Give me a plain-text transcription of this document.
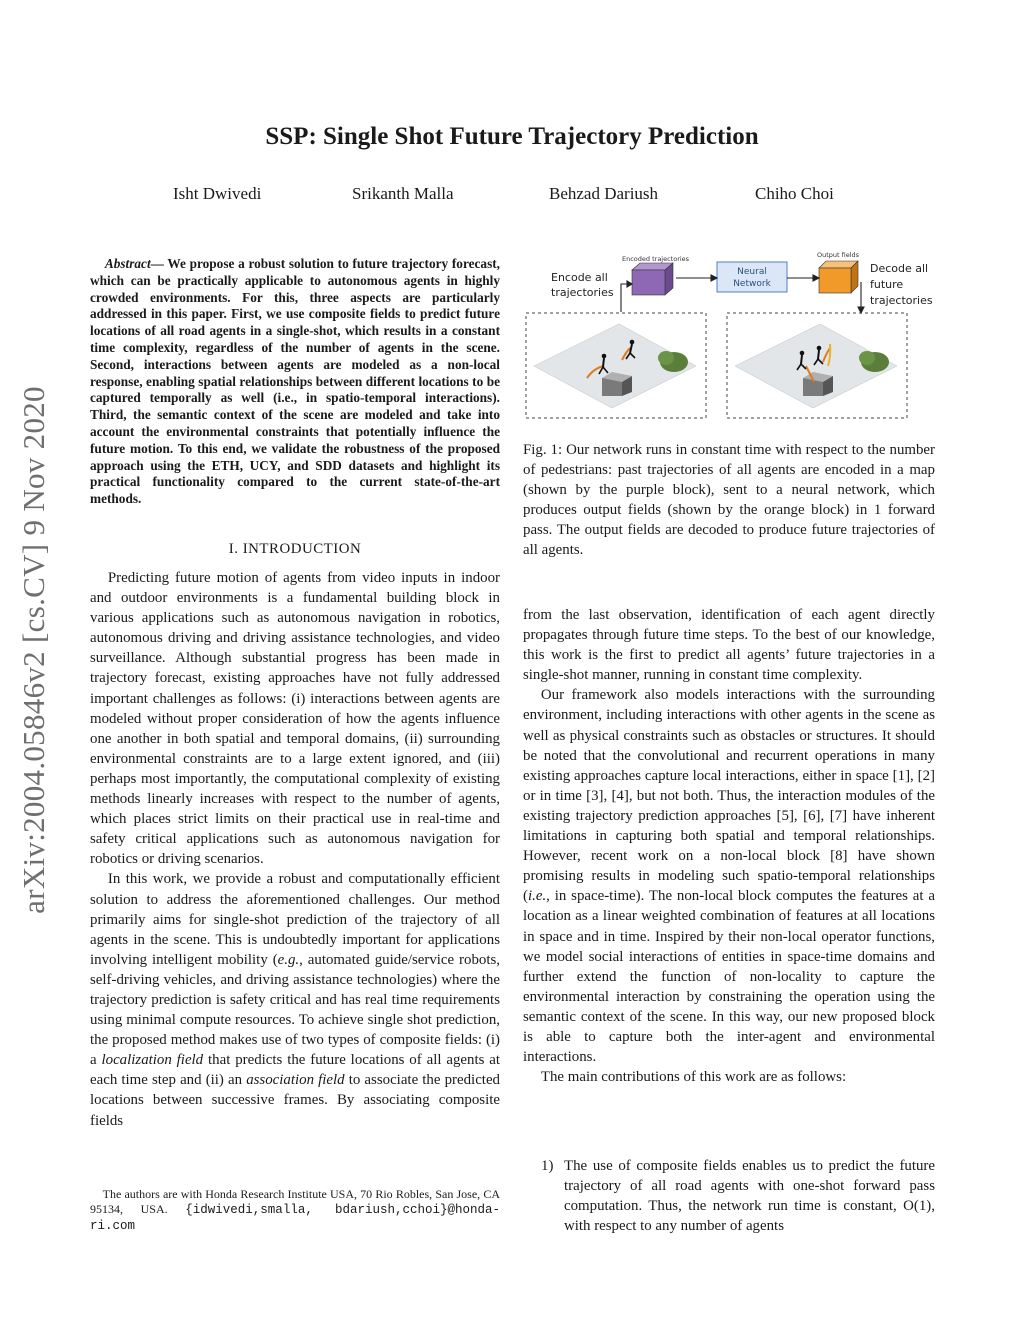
SSP: Single Shot Future Trajectory Prediction
Isht Dwivedi	Srikanth Malla	Behzad Dariush	Chiho Choi
arXiv:2004.05846v2 [cs.CV] 9 Nov 2020
Abstract— We propose a robust solution to future trajectory forecast, which can be practically applicable to autonomous agents in highly crowded environments. For this, three aspects are particularly addressed in this paper. First, we use composite fields to predict future locations of all road agents in a single-shot, which results in a constant time complexity, regardless of the number of agents in the scene. Second, interactions between agents are modeled as a non-local response, enabling spatial relationships between different locations to be captured temporally as well (i.e., in spatio-temporal interactions). Third, the semantic context of the scene are modeled and take into account the environmental constraints that potentially influence the future motion. To this end, we validate the robustness of the proposed approach using the ETH, UCY, and SDD datasets and highlight its practical functionality compared to the current state-of-the-art methods.
I. INTRODUCTION

Predicting future motion of agents from video inputs in indoor and outdoor environments is a fundamental building block in various applications such as autonomous navigation in robotics, autonomous driving and driving assistance technologies, and video surveillance. Although substantial progress has been made in trajectory forecast, existing approaches have not fully addressed important challenges as follows: (i) interactions between agents are modeled without proper consideration of how the agents influence one another in both spatial and temporal domains, (ii) surrounding environmental constraints are to a large extent ignored, and (iii) perhaps most importantly, the computational complexity of existing methods linearly increases with respect to the number of agents, which places strict limits on their practical use in real-time and safety critical applications such as autonomous navigation for robotics or driving scenarios.

In this work, we provide a robust and computationally efficient solution to address the aforementioned challenges. Our method primarily aims for single-shot prediction of the trajectory of all agents in the scene. This is undoubtedly important for applications involving intelligent mobility (e.g., automated guide/service robots, self-driving vehicles, and driving assistance technologies) where the trajectory prediction is safety critical and has real time requirements using minimal compute resources. To achieve single shot prediction, the proposed method makes use of two types of composite fields: (i) a localization field that predicts the future locations of all agents at each time step and (ii) an association field to associate the predicted locations between successive frames. By associating composite fields

The authors are with Honda Research Institute USA, 70 Rio Robles, San Jose, CA 95134, USA. {idwivedi,smalla, bdariush,cchoi}@honda-ri.com
Encoded trajectories	Output fields
Encode all
trajectories
Decode all
future
trajectories
Neural
Network
Fig. 1: Our network runs in constant time with respect to the number of pedestrians: past trajectories of all agents are encoded in a map (shown by the purple block), sent to a neural network, which produces output fields (shown by the orange block) in 1 forward pass. The output fields are decoded to produce future trajectories of all agents.

from the last observation, identification of each agent directly propagates through future time steps. To the best of our knowledge, this work is the first to predict all agents’ future trajectories in a single-shot manner, running in constant time complexity.

Our framework also models interactions with the surrounding environment, including interactions with other agents in the scene as well as physical constraints such as obstacles or structures. It should be noted that the convolutional and recurrent operations in many existing approaches capture local interactions, either in space [1], [2] or in time [3], [4], but not both. Thus, the interaction modules of the existing trajectory prediction approaches [5], [6], [7] have inherent limitations in capturing both spatial and temporal relationships. However, recent work on a non-local block [8] have shown promising results in modeling such spatio-temporal relationships (i.e., in space-time). The non-local block computes the features at a location as a linear weighted combination of features at all locations in space and in time. Inspired by their non-local operator functions, we model social interactions of entities in space-time domains and further extend the function of non-locality to capture the environmental interaction by constraining the operation using the semantic context of the scene. In this way, our new proposed block is able to capture both the inter-agent and environmental interactions.

The main contributions of this work are as follows:

1) The use of composite fields enables us to predict the future trajectory of all road agents with one-shot forward pass computation. Thus, the network run time is constant, O(1), with respect to any number of agents
